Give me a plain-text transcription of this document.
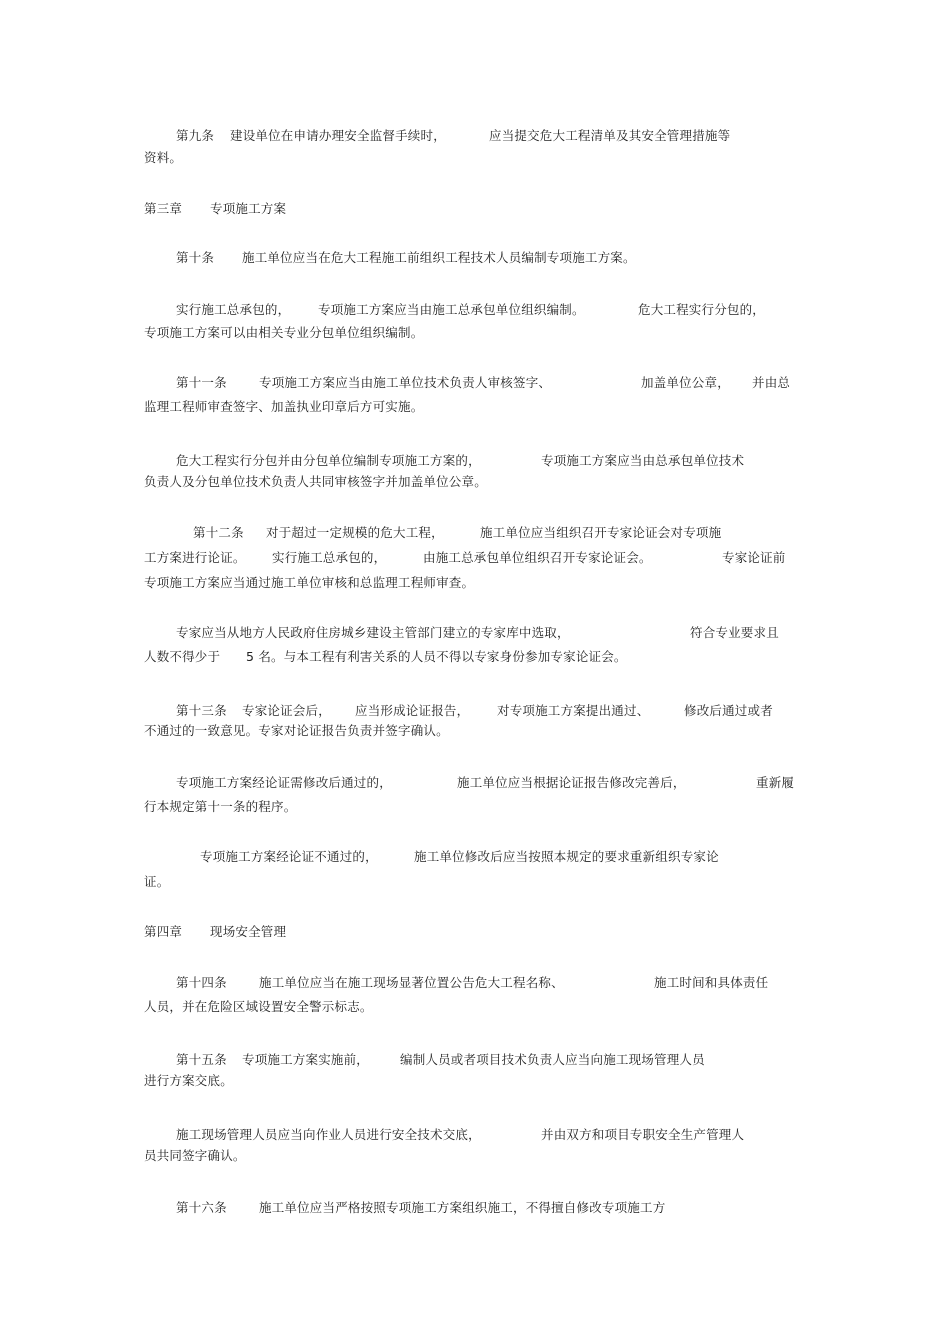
第九条 建设单位在申请办理安全监督手续时，	应当提交危大工程清单及其安全管理措施等
资料。
第三章 专项施工方案
第十条 施工单位应当在危大工程施工前组织工程技术人员编制专项施工方案。
实行施工总承包的， 专项施工方案应当由施工总承包单位组织编制。	危大工程实行分包的，
专项施工方案可以由相关专业分包单位组织编制。
第十一条	专项施工方案应当由施工单位技术负责人审核签字、	加盖单位公章， 并由总
监理工程师审查签字、加盖执业印章后方可实施。
危大工程实行分包并由分包单位编制专项施工方案的，	专项施工方案应当由总承包单位技术
负责人及分包单位技术负责人共同审核签字并加盖单位公章。
第十二条 对于超过一定规模的危大工程，	施工单位应当组织召开专家论证会对专项施
工方案进行论证。 实行施工总承包的，	由施工总承包单位组织召开专家论证会。	专家论证前
专项施工方案应当通过施工单位审核和总监理工程师审查。
专家应当从地方人民政府住房城乡建设主管部门建立的专家库中选取，	符合专业要求且
人数不得少于 5 名。与本工程有利害关系的人员不得以专家身份参加专家论证会。
第十三条 专家论证会后， 应当形成论证报告， 对专项施工方案提出通过、	修改后通过或者
不通过的一致意见。专家对论证报告负责并签字确认。
专项施工方案经论证需修改后通过的，	施工单位应当根据论证报告修改完善后，	重新履
行本规定第十一条的程序。
专项施工方案经论证不通过的，	施工单位修改后应当按照本规定的要求重新组织专家论
证。
第四章 现场安全管理
第十四条	施工单位应当在施工现场显著位置公告危大工程名称、	施工时间和具体责任
人员，并在危险区域设置安全警示标志。
第十五条 专项施工方案实施前， 编制人员或者项目技术负责人应当向施工现场管理人员
进行方案交底。
施工现场管理人员应当向作业人员进行安全技术交底，	并由双方和项目专职安全生产管理人
员共同签字确认。
第十六条	施工单位应当严格按照专项施工方案组织施工，不得擅自修改专项施工方
